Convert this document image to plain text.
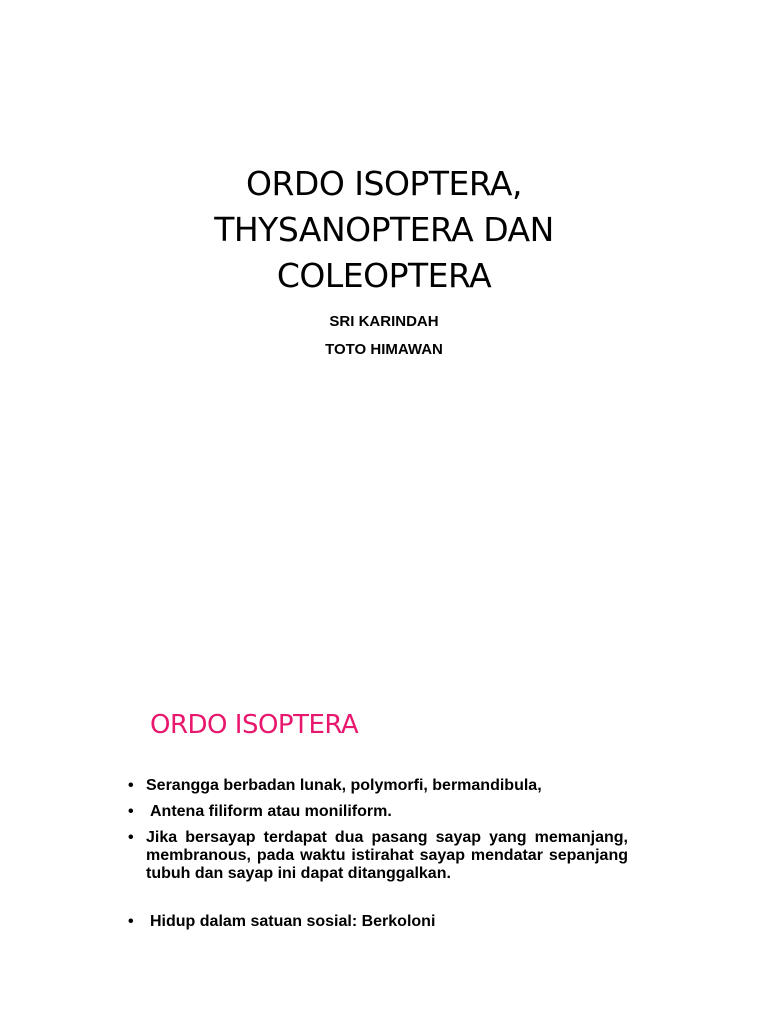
ORDO ISOPTERA,
THYSANOPTERA DAN
COLEOPTERA
SRI KARINDAH
TOTO HIMAWAN
ORDO ISOPTERA
• Serangga berbadan lunak, polymorfi, bermandibula,
• Antena filiform atau moniliform.
• Jika bersayap terdapat dua pasang sayap yang memanjang, membranous, pada waktu istirahat sayap mendatar sepanjang tubuh dan sayap ini dapat ditanggalkan.
• Hidup dalam satuan sosial: Berkoloni
